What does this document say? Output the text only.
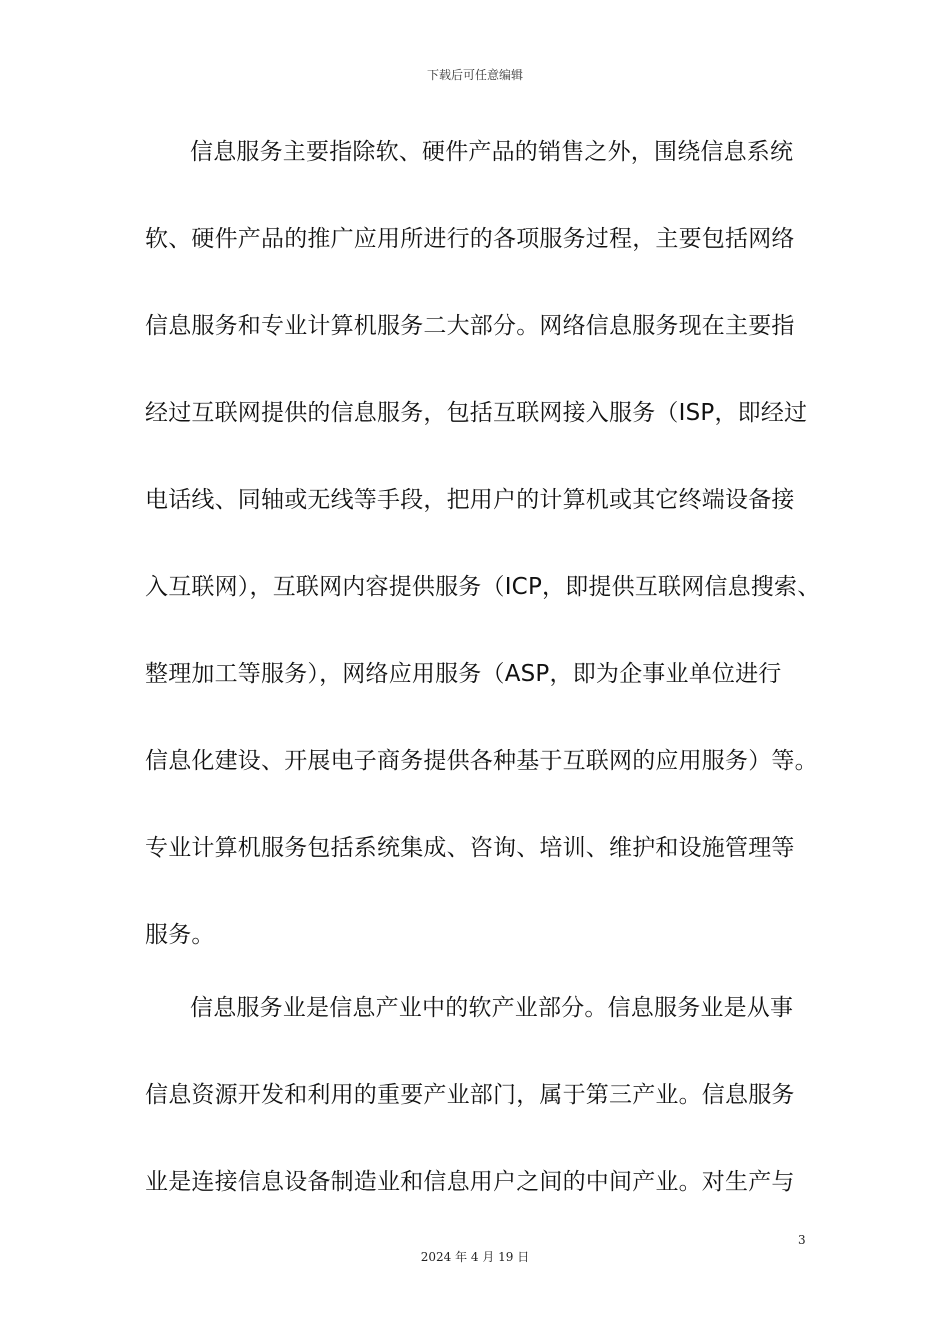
下载后可任意编辑
信息服务主要指除软、硬件产品的销售之外，围绕信息系统
软、硬件产品的推广应用所进行的各项服务过程，主要包括网络
信息服务和专业计算机服务二大部分。网络信息服务现在主要指
经过互联网提供的信息服务，包括互联网接入服务（ISP，即经过
电话线、同轴或无线等手段，把用户的计算机或其它终端设备接
入互联网），互联网内容提供服务（ICP，即提供互联网信息搜索、
整理加工等服务），网络应用服务（ASP，即为企事业单位进行
信息化建设、开展电子商务提供各种基于互联网的应用服务）等。
专业计算机服务包括系统集成、咨询、培训、维护和设施管理等
服务。
信息服务业是信息产业中的软产业部分。信息服务业是从事
信息资源开发和利用的重要产业部门，属于第三产业。信息服务
业是连接信息设备制造业和信息用户之间的中间产业。对生产与
3
2024 年 4 月 19 日
